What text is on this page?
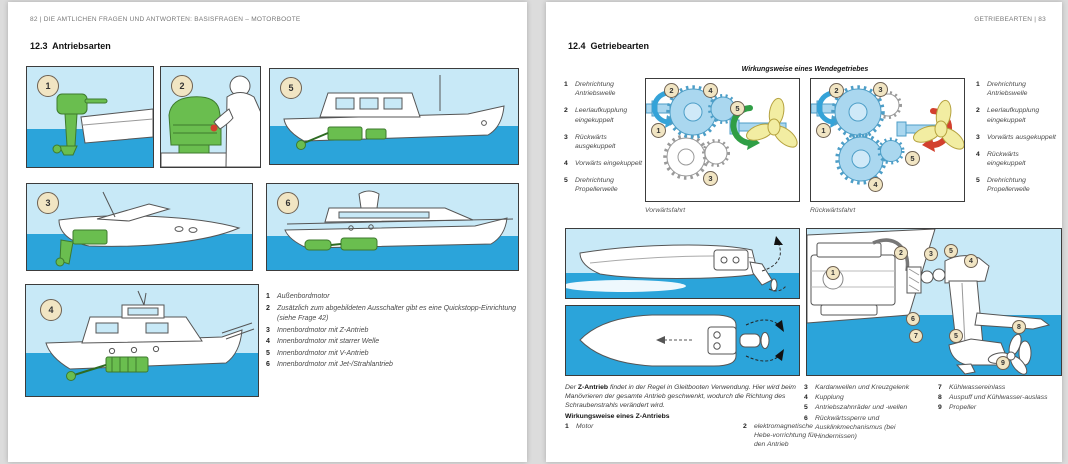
82 | DIE AMTLICHEN FRAGEN UND ANTWORTEN: BASISFRAGEN – MOTORBOOTE
12.3  Antriebsarten
1	2	5
3	6
4
1	Außenbordmotor
2	Zusätzlich zum abgebildeten Ausschalter gibt es eine Quickstopp-Einrichtung (siehe Frage 42)
3	Innenbordmotor mit Z-Antrieb
4	Innenbordmotor mit starrer Welle
5	Innenbordmotor mit V-Antrieb
6	Innenbordmotor mit Jet-/Strahlantrieb
GETRIEBEARTEN | 83
12.4  Getriebearten
Wirkungsweise eines Wendegetriebes
1	Drehrichtung Antriebswelle
2	Leerlaufkupplung eingekuppelt
3	Rückwärts ausgekuppelt
4	Vorwärts eingekuppelt
5	Drehrichtung Propellerwelle
1
2
3
4
5
1
2	3
4
5
1	Drehrichtung Antriebswelle
2	Leerlaufkupplung eingekuppelt
3	Vorwärts ausgekuppelt
4	Rückwärts eingekuppelt
5	Drehrichtung Propellerwelle
Vorwärtsfahrt	Rückwärtsfahrt
1
2	3	5
4
6
7	5
8
9
Der Z-Antrieb findet in der Regel in Gleitbooten Verwendung. Hier wird beim Manövrieren der gesamte Antrieb geschwenkt, wodurch die Richtung des Schraubenstrahls verändert wird.
Wirkungsweise eines Z-Antriebs
1	Motor	2	elektromagnetische Hebe-vorrichtung für den Antrieb
3	Kardanwellen und Kreuzgelenk
4	Kupplung
5	Antriebszahnräder und -wellen
6	Rückwärtssperre und Ausklinkmechanismus (bei Hindernissen)
7	Kühlwassereinlass
8	Auspuff und Kühlwasser-auslass
9	Propeller
